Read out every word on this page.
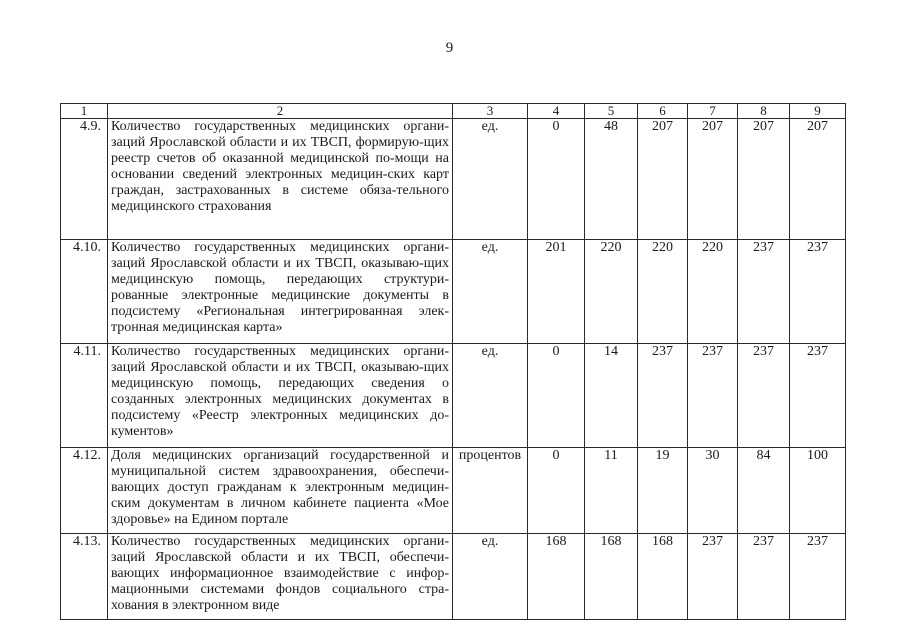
9
1	2	3	4	5	6	7	8	9
4.9.	Количество государственных медицинских органи-заций Ярославской области и их ТВСП, формирую-щих реестр счетов об оказанной медицинской по-мощи на основании сведений электронных медицин-ских карт граждан, застрахованных в системе обяза-тельного медицинского страхования	ед.	0	48	207	207	207	207
4.10.	Количество государственных медицинских органи-заций Ярославской области и их ТВСП, оказываю-щих медицинскую помощь, передающих структури-рованные электронные медицинские документы в подсистему «Региональная интегрированная элек-тронная медицинская карта»	ед.	201	220	220	220	237	237
4.11.	Количество государственных медицинских органи-заций Ярославской области и их ТВСП, оказываю-щих медицинскую помощь, передающих сведения о созданных электронных медицинских документах в подсистему «Реестр электронных медицинских до-кументов»	ед.	0	14	237	237	237	237
4.12.	Доля медицинских организаций государственной и муниципальной систем здравоохранения, обеспечи-вающих доступ гражданам к электронным медицин-ским документам в личном кабинете пациента «Мое здоровье» на Едином портале	процентов	0	11	19	30	84	100
4.13.	Количество государственных медицинских органи-заций Ярославской области и их ТВСП, обеспечи-вающих информационное взаимодействие с инфор-мационными системами фондов социального стра-хования в электронном виде	ед.	168	168	168	237	237	237
